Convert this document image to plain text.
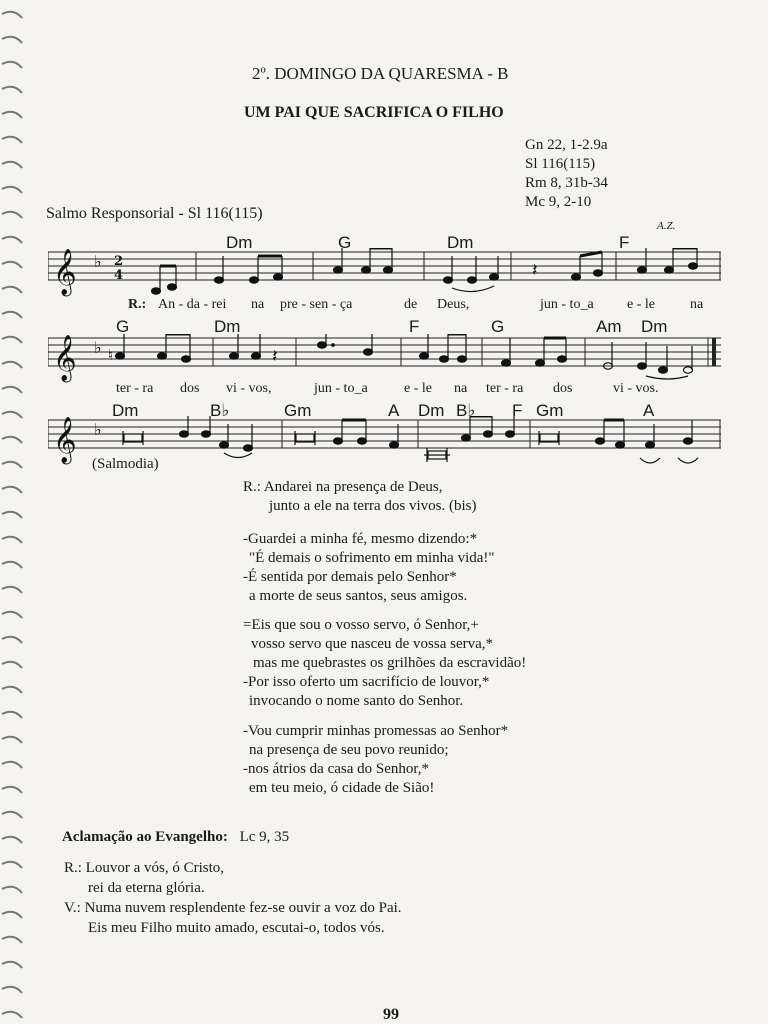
2º. DOMINGO DA QUARESMA - B
UM PAI QUE SACRIFICA O FILHO
Gn 22, 1-2.9a
Sl 116(115)
Rm 8, 31b-34
Mc 9, 2-10
Salmo Responsorial - Sl 116(115)
A.Z.
Dm	G	Dm	F
𝄞 ♭ 2
4	𝄽
R.: An - da - rei na pre - sen - ça	de Deus,	jun - to_a e - le	na
G	Dm	F	G	Am Dm
𝄞 ♭ ♮	𝄽
ter - ra dos vi - vos,	jun - to_a	e - le na ter - ra dos	vi - vos.
Dm	B♭	Gm	A Dm B♭ F Gm	A
𝄞 ♭
(Salmodia)
R.: Andarei na presença de Deus,
junto a ele na terra dos vivos. (bis)
-Guardei a minha fé, mesmo dizendo:*
"É demais o sofrimento em minha vida!"
-É sentida por demais pelo Senhor*
a morte de seus santos, seus amigos.
=Eis que sou o vosso servo, ó Senhor,+
vosso servo que nasceu de vossa serva,*
mas me quebrastes os grilhões da escravidão!
-Por isso oferto um sacrifício de louvor,*
invocando o nome santo do Senhor.
-Vou cumprir minhas promessas ao Senhor*
na presença de seu povo reunido;
-nos átrios da casa do Senhor,*
em teu meio, ó cidade de Sião!
Aclamação ao Evangelho: Lc 9, 35
R.: Louvor a vós, ó Cristo,
rei da eterna glória.
V.: Numa nuvem resplendente fez-se ouvir a voz do Pai.
Eis meu Filho muito amado, escutai-o, todos vós.
99
